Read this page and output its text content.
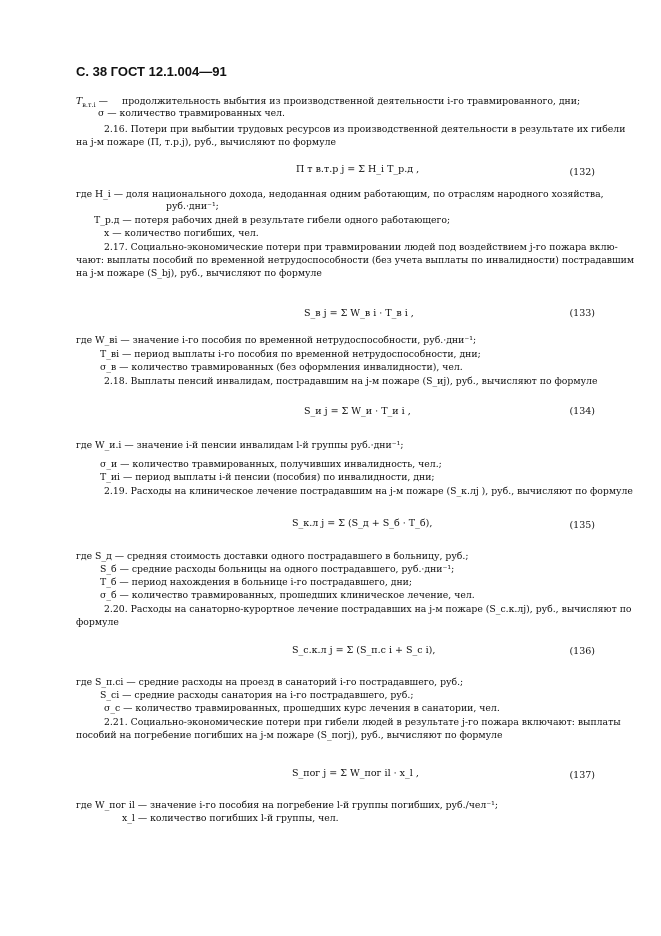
С. 38 ГОСТ 12.1.004—91
$T_{в.т.i}$ — продолжительность выбытия из производственной деятельности i-го травмированного, дни;
σ — количество травмированных чел.
2.16. Потери при выбытии трудовых ресурсов из производственной деятельности в результате их гибели
на j-м пожаре (П, т.р.j), руб., вычисляют по формуле
П т в.т.р j = Σ H_i T_р.д ,	(132)
где H_i — доля национального дохода, недоданная одним работающим, по отраслям народного хозяйства,
руб.·дни⁻¹;
T_р.д — потеря рабочих дней в результате гибели одного работающего;
x — количество погибших, чел.
2.17. Социально-экономические потери при травмировании людей под воздействием j-го пожара вклю-
чают: выплаты пособий по временной нетрудоспособности (без учета выплаты по инвалидности) пострадавшим
на j-м пожаре (S_bj), руб., вычисляют по формуле
S_в j = Σ W_в i · T_в i ,	(133)
где W_вi — значение i-го пособия по временной нетрудоспособности, руб.·дни⁻¹;
T_вi — период выплаты i-го пособия по временной нетрудоспособности, дни;
σ_в — количество травмированных (без оформления инвалидности), чел.
2.18. Выплаты пенсий инвалидам, пострадавшим на j-м пожаре (S_иj), руб., вычисляют по формуле
S_и j = Σ W_и · T_и i ,	(134)
где W_и.i — значение i-й пенсии инвалидам l-й группы руб.·дни⁻¹;
σ_и — количество травмированных, получивших инвалидность, чел.;
T_иi — период выплаты i-й пенсии (пособия) по инвалидности, дни;
2.19. Расходы на клиническое лечение пострадавшим на j-м пожаре (S_к.лj ), руб., вычисляют по формуле
S_к.л j = Σ (S_д + S_б · T_б),	(135)
где S_д — средняя стоимость доставки одного пострадавшего в больницу, руб.;
S_б — средние расходы больницы на одного пострадавшего, руб.·дни⁻¹;
T_б — период нахождения в больнице i-го пострадавшего, дни;
σ_б — количество травмированных, прошедших клиническое лечение, чел.
2.20. Расходы на санаторно-курортное лечение пострадавших на j-м пожаре (S_с.к.лj), руб., вычисляют по
формуле
S_с.к.л j = Σ (S_п.с i + S_с i),	(136)
где S_п.сi — средние расходы на проезд в санаторий i-го пострадавшего, руб.;
S_сi — средние расходы санатория на i-го пострадавшего, руб.;
σ_с — количество травмированных, прошедших курс лечения в санатории, чел.
2.21. Социально-экономические потери при гибели людей в результате j-го пожара включают: выплаты
пособий на погребение погибших на j-м пожаре (S_погj), руб., вычисляют по формуле
S_пог j = Σ W_пог il · x_l ,	(137)
где W_пог il — значение i-го пособия на погребение l-й группы погибших, руб./чел⁻¹;
x_l — количество погибших l-й группы, чел.
